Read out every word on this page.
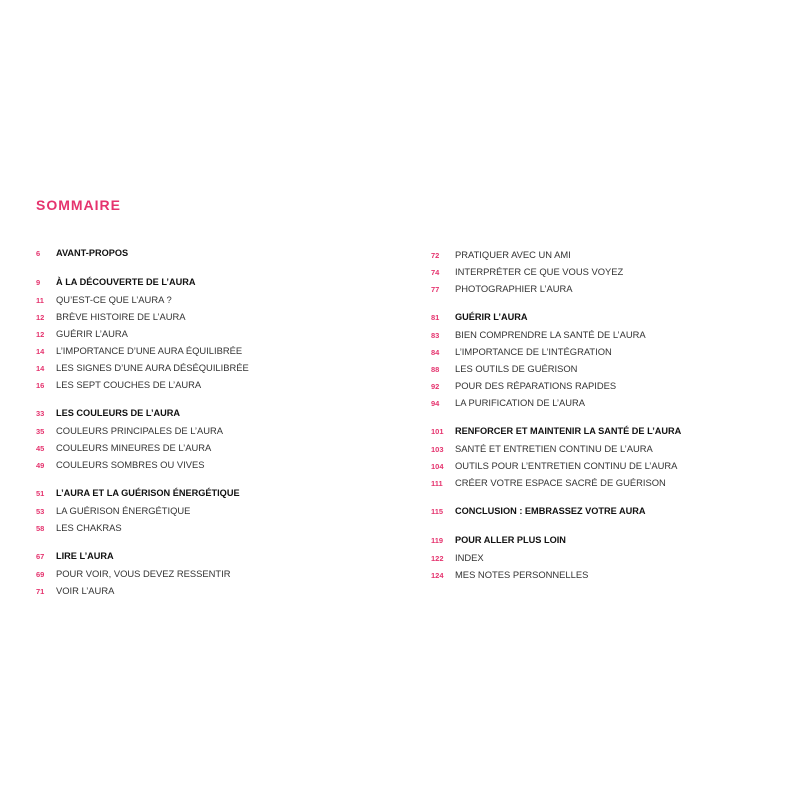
SOMMAIRE
6	AVANT-PROPOS
9	À LA DÉCOUVERTE DE L’AURA
11	QU’EST-CE QUE L’AURA ?
12	BRÈVE HISTOIRE DE L’AURA
12	GUÉRIR L’AURA
14	L’IMPORTANCE D’UNE AURA ÉQUILIBRÉE
14	LES SIGNES D’UNE AURA DÉSÉQUILIBRÉE
16	LES SEPT COUCHES DE L’AURA
33	LES COULEURS DE L’AURA
35	COULEURS PRINCIPALES DE L’AURA
45	COULEURS MINEURES DE L’AURA
49	COULEURS SOMBRES OU VIVES
51	L’AURA ET LA GUÉRISON ÉNERGÉTIQUE
53	LA GUÉRISON ÉNERGÉTIQUE
58	LES CHAKRAS
67	LIRE L’AURA
69	POUR VOIR, VOUS DEVEZ RESSENTIR
71	VOIR L’AURA
72	PRATIQUER AVEC UN AMI
74	INTERPRÉTER CE QUE VOUS VOYEZ
77	PHOTOGRAPHIER L’AURA
81	GUÉRIR L’AURA
83	BIEN COMPRENDRE LA SANTÉ DE L’AURA
84	L’IMPORTANCE DE L’INTÉGRATION
88	LES OUTILS DE GUÉRISON
92	POUR DES RÉPARATIONS RAPIDES
94	LA PURIFICATION DE L’AURA
101	RENFORCER ET MAINTENIR LA SANTÉ DE L’AURA
103	SANTÉ ET ENTRETIEN CONTINU DE L’AURA
104	OUTILS POUR L’ENTRETIEN CONTINU DE L’AURA
111	CRÉER VOTRE ESPACE SACRÉ DE GUÉRISON
115	CONCLUSION : EMBRASSEZ VOTRE AURA
119	POUR ALLER PLUS LOIN
122	INDEX
124	MES NOTES PERSONNELLES
